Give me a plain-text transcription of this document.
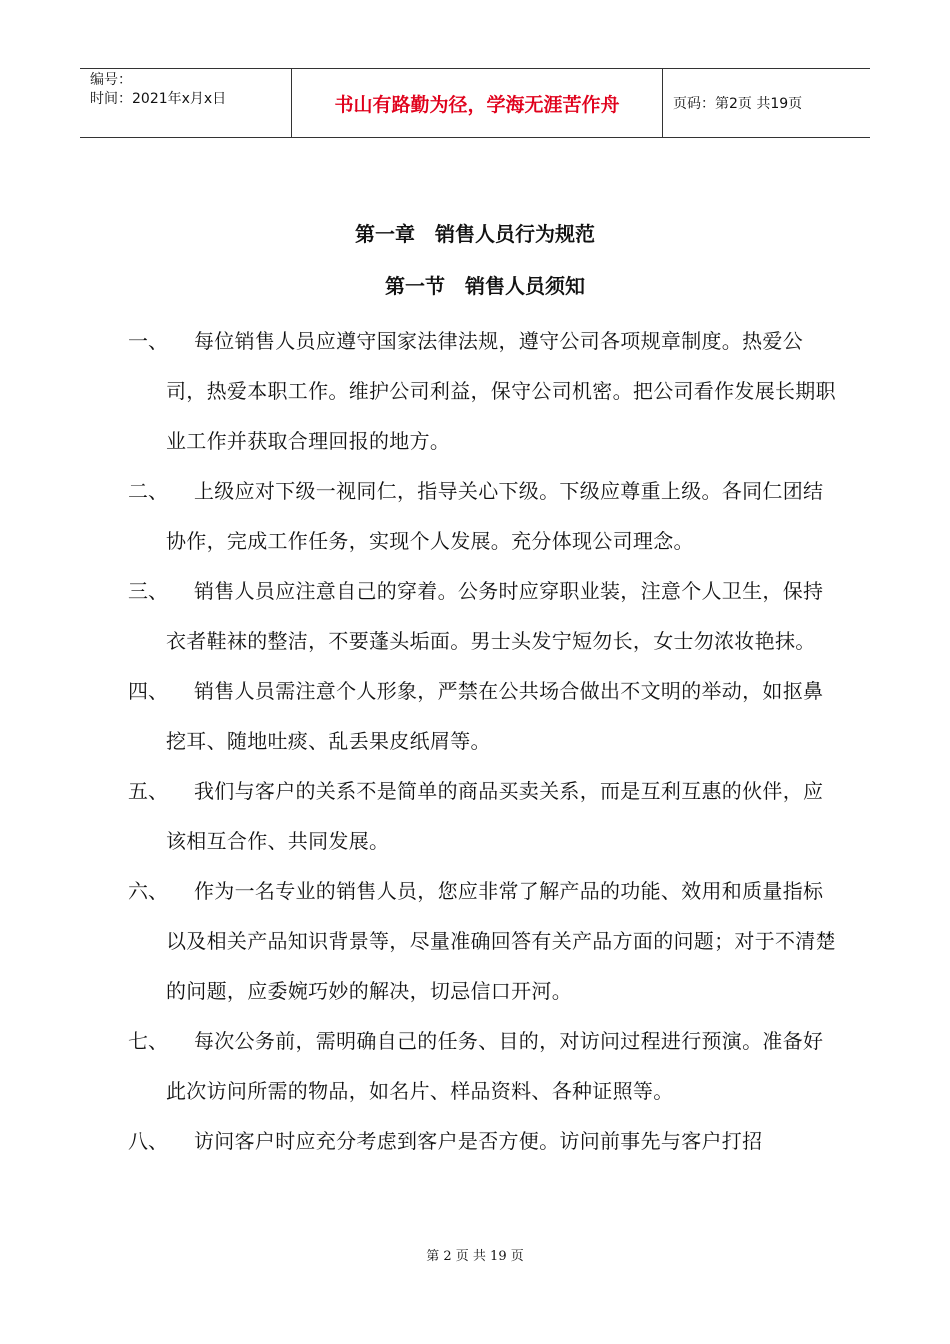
编号：
时间：2021年x月x日	书山有路勤为径，学海无涯苦作舟	页码：第2页 共19页
第一章　销售人员行为规范
第一节　销售人员须知
一、	每位销售人员应遵守国家法律法规，遵守公司各项规章制度。热爱公司，热爱本职工作。维护公司利益，保守公司机密。把公司看作发展长期职业工作并获取合理回报的地方。
二、	上级应对下级一视同仁，指导关心下级。下级应尊重上级。各同仁团结协作，完成工作任务，实现个人发展。充分体现公司理念。
三、	销售人员应注意自己的穿着。公务时应穿职业装，注意个人卫生，保持衣者鞋袜的整洁，不要蓬头垢面。男士头发宁短勿长，女士勿浓妆艳抹。
四、	销售人员需注意个人形象，严禁在公共场合做出不文明的举动，如抠鼻挖耳、随地吐痰、乱丢果皮纸屑等。
五、	我们与客户的关系不是简单的商品买卖关系，而是互利互惠的伙伴，应该相互合作、共同发展。
六、	作为一名专业的销售人员，您应非常了解产品的功能、效用和质量指标以及相关产品知识背景等，尽量准确回答有关产品方面的问题；对于不清楚的问题，应委婉巧妙的解决，切忌信口开河。
七、	每次公务前，需明确自己的任务、目的，对访问过程进行预演。准备好此次访问所需的物品，如名片、样品资料、各种证照等。
八、	访问客户时应充分考虑到客户是否方便。访问前事先与客户打招
第 2 页 共 19 页
